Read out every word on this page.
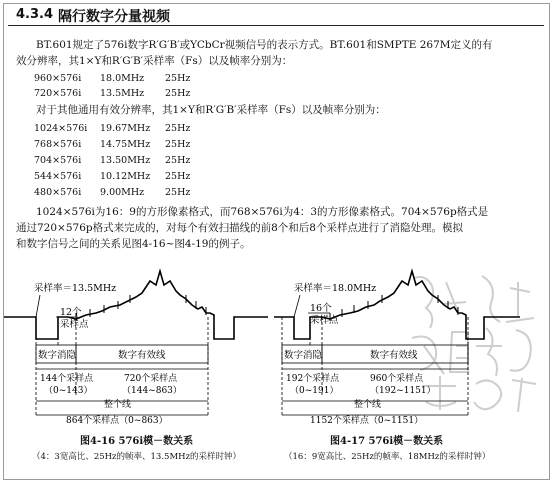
4.3.4 隔行数字分量视频
BT.601规定了576i数字R′G′B′或YCbCr视频信号的表示方式。BT.601和SMPTE 267M定义的有
效分辨率，其1×Y和R′G′B′采样率（Fs）以及帧率分别为：
960×576i 18.0MHz 25Hz
720×576i 13.5MHz 25Hz
对于其他通用有效分辨率，其1×Y和R′G′B′采样率（Fs）以及帧率分别为：
1024×576i 19.67MHz 25Hz
768×576i 14.75MHz 25Hz
704×576i 13.50MHz 25Hz
544×576i 10.12MHz 25Hz
480×576i 9.00MHz 25Hz
1024×576i为16：9的方形像素格式，而768×576i为4：3的方形像素格式。704×576p格式是
通过720×576p格式来完成的，对每个有效扫描线的前8个和后8个采样点进行了消隐处理。模拟
和数字信号之间的关系见图4-16~图4-19的例子。
采样率＝13.5MHz
12个
采样点
数字消隐	数字有效线
144个采样点
（0~143）
720个采样点
（144~863）
整个线
864个采样点（0~863）
图4-16 576i模－数关系
（4：3宽高比、25Hz的帧率、13.5MHz的采样时钟）
采样率＝18.0MHz
16个
采样点
数字消隐	数字有效线
192个采样点
（0~191）
960个采样点
（192~1151）
整个线
1152个采样点（0~1151）
图4-17 576i模－数关系
（16：9宽高比、25Hz的帧率、18MHz的采样时钟）
